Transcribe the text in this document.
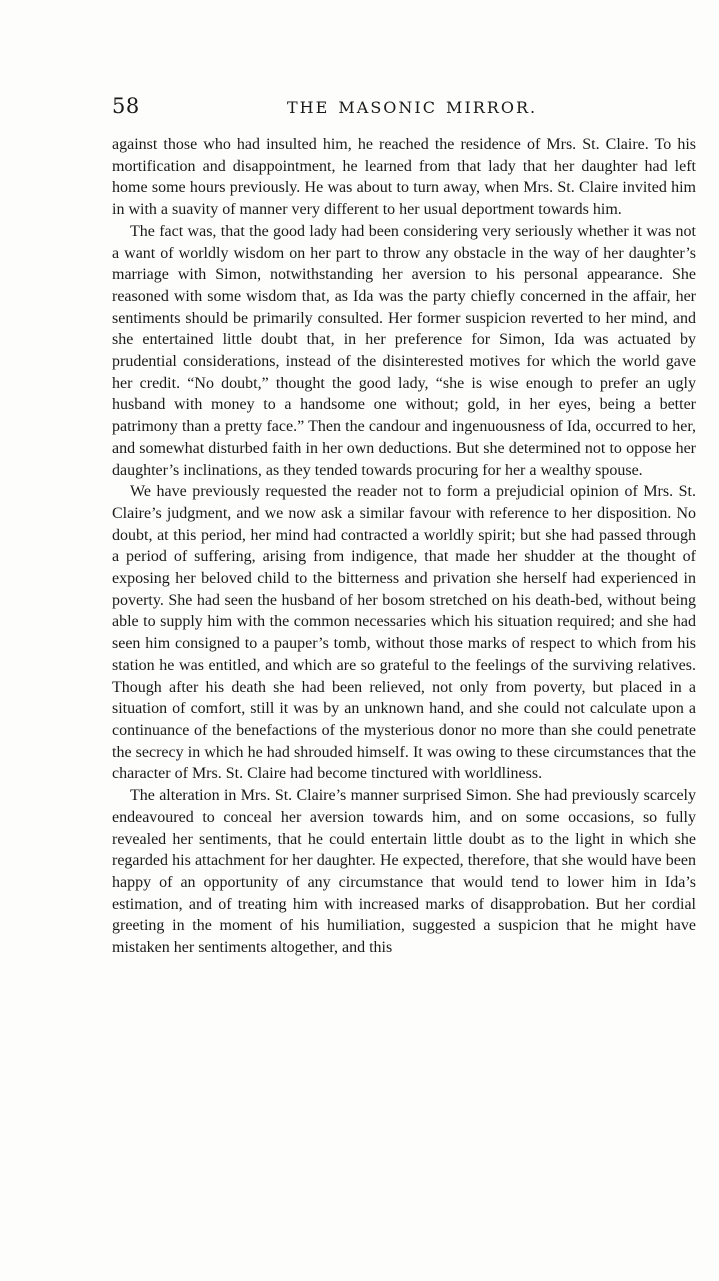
58	THE MASONIC MIRROR.

against those who had insulted him, he reached the residence of Mrs. St. Claire. To his mortification and disappointment, he learned from that lady that her daughter had left home some hours previously. He was about to turn away, when Mrs. St. Claire invited him in with a suavity of manner very different to her usual deportment towards him.

The fact was, that the good lady had been considering very seriously whether it was not a want of worldly wisdom on her part to throw any obstacle in the way of her daughter’s marriage with Simon, notwithstanding her aversion to his personal appearance. She reasoned with some wisdom that, as Ida was the party chiefly concerned in the affair, her sentiments should be primarily consulted. Her former suspicion reverted to her mind, and she entertained little doubt that, in her preference for Simon, Ida was actuated by prudential considerations, instead of the disinterested motives for which the world gave her credit. “No doubt,” thought the good lady, “she is wise enough to prefer an ugly husband with money to a handsome one without; gold, in her eyes, being a better patrimony than a pretty face.” Then the candour and ingenuousness of Ida, occurred to her, and somewhat disturbed faith in her own deductions. But she determined not to oppose her daughter’s inclinations, as they tended towards procuring for her a wealthy spouse.

We have previously requested the reader not to form a prejudicial opinion of Mrs. St. Claire’s judgment, and we now ask a similar favour with reference to her disposition. No doubt, at this period, her mind had contracted a worldly spirit; but she had passed through a period of suffering, arising from indigence, that made her shudder at the thought of exposing her beloved child to the bitterness and privation she herself had experienced in poverty. She had seen the husband of her bosom stretched on his death-bed, without being able to supply him with the common necessaries which his situation required; and she had seen him consigned to a pauper’s tomb, without those marks of respect to which from his station he was entitled, and which are so grateful to the feelings of the surviving relatives. Though after his death she had been relieved, not only from poverty, but placed in a situation of comfort, still it was by an unknown hand, and she could not calculate upon a continuance of the benefactions of the mysterious donor no more than she could penetrate the secrecy in which he had shrouded himself. It was owing to these circumstances that the character of Mrs. St. Claire had become tinctured with worldliness.

The alteration in Mrs. St. Claire’s manner surprised Simon. She had previously scarcely endeavoured to conceal her aversion towards him, and on some occasions, so fully revealed her sentiments, that he could entertain little doubt as to the light in which she regarded his attachment for her daughter. He expected, therefore, that she would have been happy of an opportunity of any circumstance that would tend to lower him in Ida’s estimation, and of treating him with increased marks of disapprobation. But her cordial greeting in the moment of his humiliation, suggested a suspicion that he might have mistaken her sentiments altogether, and this
